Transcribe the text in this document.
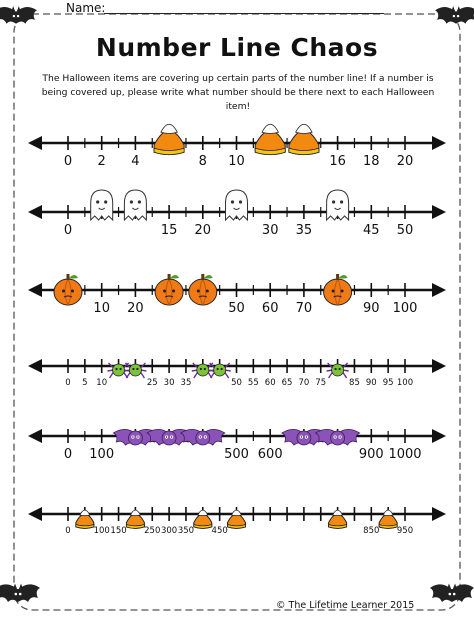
0 2 4	8 10	16 18 20
0	15 20	30 35	45 50
10 20	50 60 70	90 100
0 5 10	25 30 35	50 55 60 65 70 75	85 90 95 100
0 100	500 600	900 1000
0	100 150 250 300 350 450	850 950
Name:
Number Line Chaos
The Halloween items are covering up certain parts of the number line! If a number is being covered up, please write what number should be there next to each Halloween item!
© The Lifetime Learner 2015
